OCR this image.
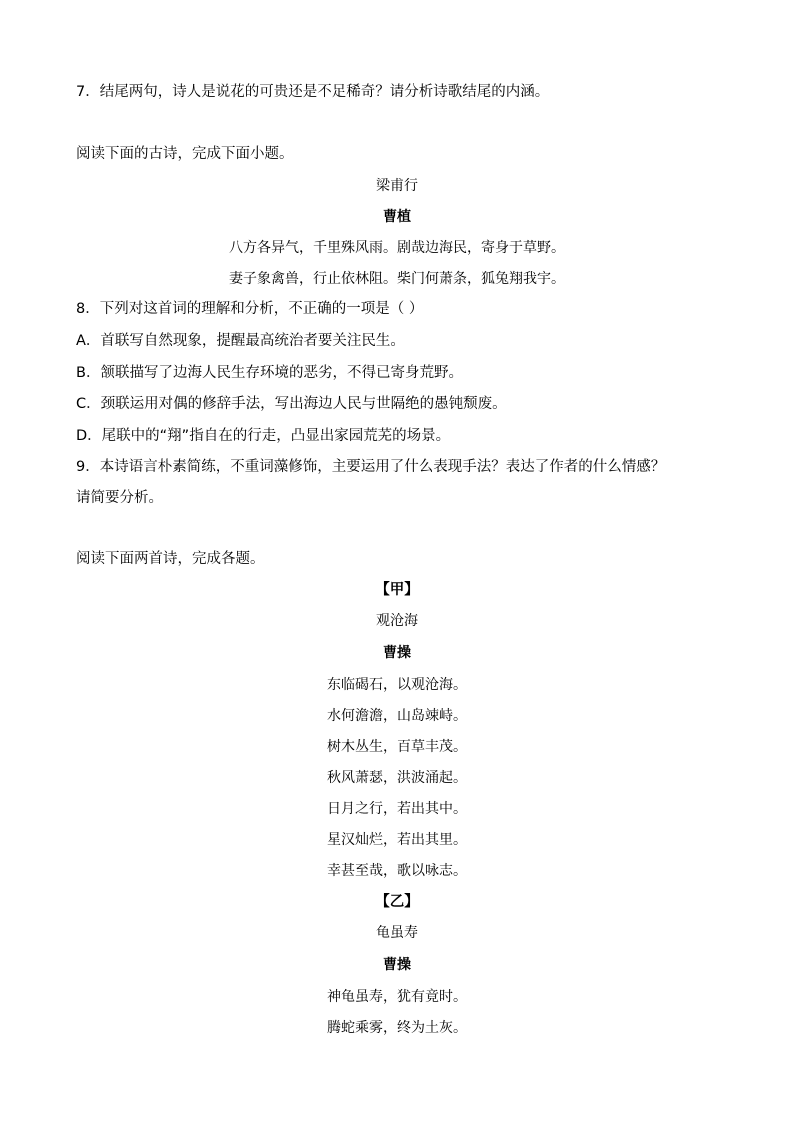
7．结尾两句，诗人是说花的可贵还是不足稀奇？请分析诗歌结尾的内涵。
阅读下面的古诗，完成下面小题。
梁甫行
曹植
八方各异气，千里殊风雨。剧哉边海民，寄身于草野。
妻子象禽兽，行止依林阻。柴门何萧条，狐兔翔我宇。
8．下列对这首词的理解和分析，不正确的一项是（ ）
A．首联写自然现象，提醒最高统治者要关注民生。
B．颔联描写了边海人民生存环境的恶劣，不得已寄身荒野。
C．颈联运用对偶的修辞手法，写出海边人民与世隔绝的愚钝颓废。
D．尾联中的“翔”指自在的行走，凸显出家园荒芜的场景。
9．本诗语言朴素简练，不重词藻修饰，主要运用了什么表现手法？表达了作者的什么情感？
请简要分析。
阅读下面两首诗，完成各题。
【甲】
观沧海
曹操
东临碣石，以观沧海。
水何澹澹，山岛竦峙。
树木丛生，百草丰茂。
秋风萧瑟，洪波涌起。
日月之行，若出其中。
星汉灿烂，若出其里。
幸甚至哉，歌以咏志。
【乙】
龟虽寿
曹操
神龟虽寿，犹有竟时。
腾蛇乘雾，终为土灰。
